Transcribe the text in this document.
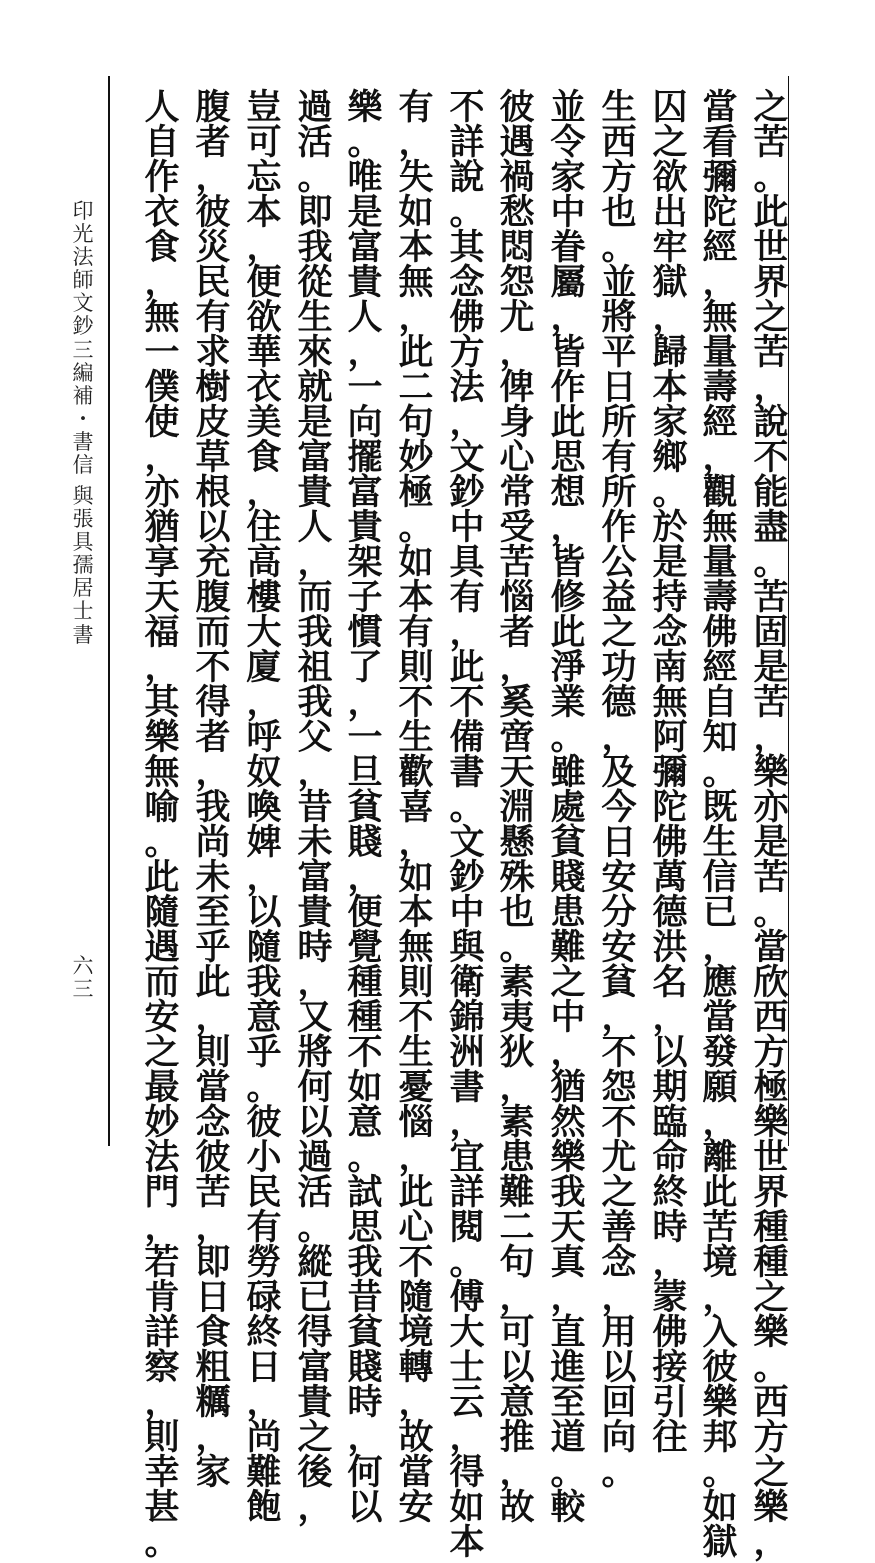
印
光
法
師
文
鈔
三
編
補
・
書
信
與
張
具
孺
居
士
書
六
三
之
苦
。
此
世
界
之
苦
，
說
不
能
盡
。
苦
固
是
苦
，
樂
亦
是
苦
。
當
欣
西
方
極
樂
世
界
種
種
之
樂
。
西
方
之
樂
，
當
看
彌
陀
經
，
無
量
壽
經
，
觀
無
量
壽
佛
經
自
知
。
既
生
信
已
，
應
當
發
願
，
離
此
苦
境
，
入
彼
樂
邦
。
如
獄
囚
之
欲
出
牢
獄
，
歸
本
家
鄉
。
於
是
持
念
南
無
阿
彌
陀
佛
萬
德
洪
名
，
以
期
臨
命
終
時
，
蒙
佛
接
引
往
生
西
方
也
。
並
將
平
日
所
有
所
作
公
益
之
功
德
，
及
今
日
安
分
安
貧
，
不
怨
不
尤
之
善
念
，
用
以
回
向
。
並
令
家
中
眷
屬
，
皆
作
此
思
想
，
皆
修
此
淨
業
。
雖
處
貧
賤
患
難
之
中
，
猶
然
樂
我
天
真
，
直
進
至
道
。
較
彼
遇
禍
愁
悶
怨
尤
，
俾
身
心
常
受
苦
惱
者
，
奚
啻
天
淵
懸
殊
也
。
素
夷
狄
，
素
患
難
二
句
，
可
以
意
推
，
故
不
詳
說
。
其
念
佛
方
法
，
文
鈔
中
具
有
，
此
不
備
書
。
文
鈔
中
與
衛
錦
洲
書
，
宜
詳
閱
。
傅
大
士
云
，
得
如
本
有
，
失
如
本
無
，
此
二
句
妙
極
。
如
本
有
則
不
生
歡
喜
，
如
本
無
則
不
生
憂
惱
，
此
心
不
隨
境
轉
，
故
當
安
樂
。
唯
是
富
貴
人
，
一
向
擺
富
貴
架
子
慣
了
，
一
旦
貧
賤
，
便
覺
種
種
不
如
意
。
試
思
我
昔
貧
賤
時
，
何
以
過
活
。
即
我
從
生
來
就
是
富
貴
人
，
而
我
祖
我
父
，
昔
未
富
貴
時
，
又
將
何
以
過
活
。
縱
已
得
富
貴
之
後
，
豈
可
忘
本
，
便
欲
華
衣
美
食
，
住
高
樓
大
廈
，
呼
奴
喚
婢
，
以
隨
我
意
乎
。
彼
小
民
有
勞
碌
終
日
，
尚
難
飽
腹
者
，
彼
災
民
有
求
樹
皮
草
根
以
充
腹
而
不
得
者
，
我
尚
未
至
乎
此
，
則
當
念
彼
苦
，
即
日
食
粗
糲
，
家
人
自
作
衣
食
，
無
一
僕
使
，
亦
猶
享
天
福
，
其
樂
無
喻
。
此
隨
遇
而
安
之
最
妙
法
門
，
若
肯
詳
察
，
則
幸
甚
。
